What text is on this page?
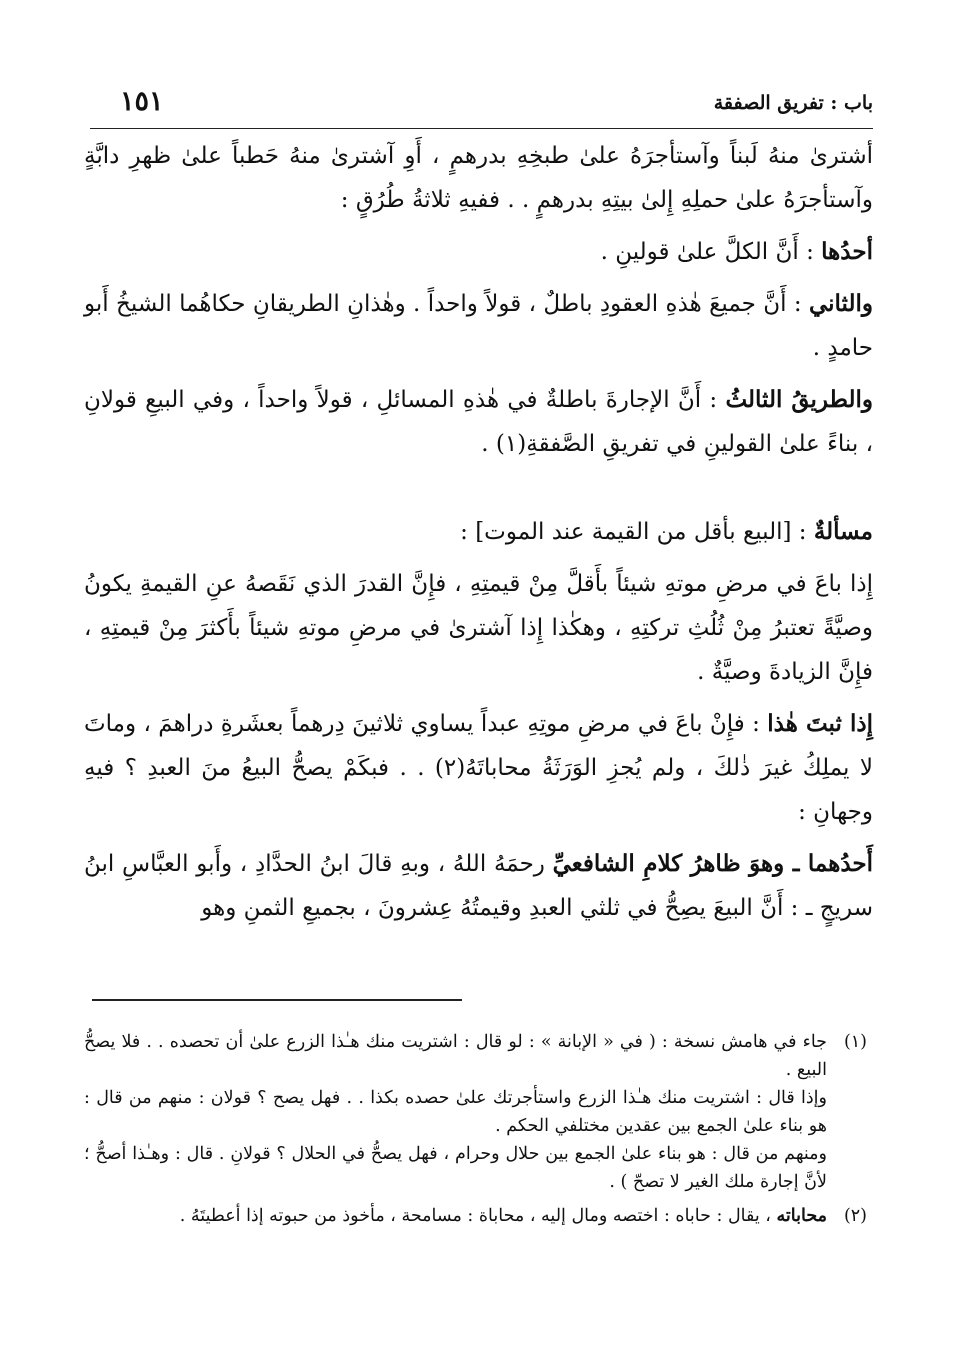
باب : تفريق الصفقة
١٥١

أشترىٰ منهُ لَبناً وآستأجرَهُ علىٰ طبخِهِ بدرهمٍ ، أَوِ آشترىٰ منهُ حَطباً علىٰ ظهرِ دابَّةٍ وآستأجرَهُ علىٰ حملِهِ إِلىٰ بيتِهِ بدرهمٍ . . ففيهِ ثلاثةُ طُرُقٍ :

أحدُها : أَنَّ الكلَّ علىٰ قولينِ .

والثاني : أَنَّ جميعَ هٰذهِ العقودِ باطلٌ ، قولاً واحداً . وهٰذانِ الطريقانِ حكاهُما الشيخُ أَبو حامدٍ .

والطريقُ الثالثُ : أَنَّ الإجارةَ باطلةٌ في هٰذهِ المسائلِ ، قولاً واحداً ، وفي البيعِ قولانِ ، بناءً علىٰ القولينِ في تفريقِ الصَّفقةِ(١) .

مسألةٌ : [البيع بأقل من القيمة عند الموت] :

إِذا باعَ في مرضِ موتهِ شيئاً بأَقلَّ مِنْ قيمتِهِ ، فإِنَّ القدرَ الذي نَقَصهُ عنِ القيمةِ يكونُ وصيَّةً تعتبرُ مِنْ ثُلُثِ تركتِهِ ، وهكٰذا إِذا آشترىٰ في مرضِ موتهِ شيئاً بأَكثرَ مِنْ قيمتِهِ ، فإِنَّ الزيادةَ وصيَّةٌ .

إِذا ثبتَ هٰذا : فإِنْ باعَ في مرضِ موتِهِ عبداً يساوي ثلاثينَ دِرهماً بعشَرةِ دراهمَ ، وماتَ لا يملِكُ غيرَ ذٰلكَ ، ولم يُجزِ الوَرَثَةُ محاباتَهُ(٢) . . فبكَمْ يصحُّ البيعُ منَ العبدِ ؟ فيهِ وجهانِ :

أَحدُهما ـ وهوَ ظاهرُ كلامِ الشافعيِّ رحمَهُ اللهُ ، وبهِ قالَ ابنُ الحدَّادِ ، وأَبو العبَّاسِ ابنُ سريجٍ ـ : أَنَّ البيعَ يصِحُّ في ثلثي العبدِ وقيمتُهُ عِشرونَ ، بجميعِ الثمنِ وهو

(١)
جاء في هامش نسخة : ( في « الإبانة » : لو قال : اشتريت منك هـٰذا الزرع علىٰ أن تحصده . . فلا يصحُّ البيع .
وإذا قال : اشتريت منك هـٰذا الزرع واستأجرتك علىٰ حصده بكذا . . فهل يصح ؟ قولان : منهم من قال : هو بناء علىٰ الجمع بين عقدين مختلفي الحكم .
ومنهم من قال : هو بناء علىٰ الجمع بين حلال وحرام ، فهل يصحُّ في الحلال ؟ قولانِ . قال : وهـٰذا أصحُّ ؛ لأنَّ إجارة ملك الغير لا تصحّ ) .
(٢)
محاباته ، يقال : حاباه : اختصه ومال إليه ، محاباة : مسامحة ، مأخوذ من حبوته إذا أعطيتَهُ .
